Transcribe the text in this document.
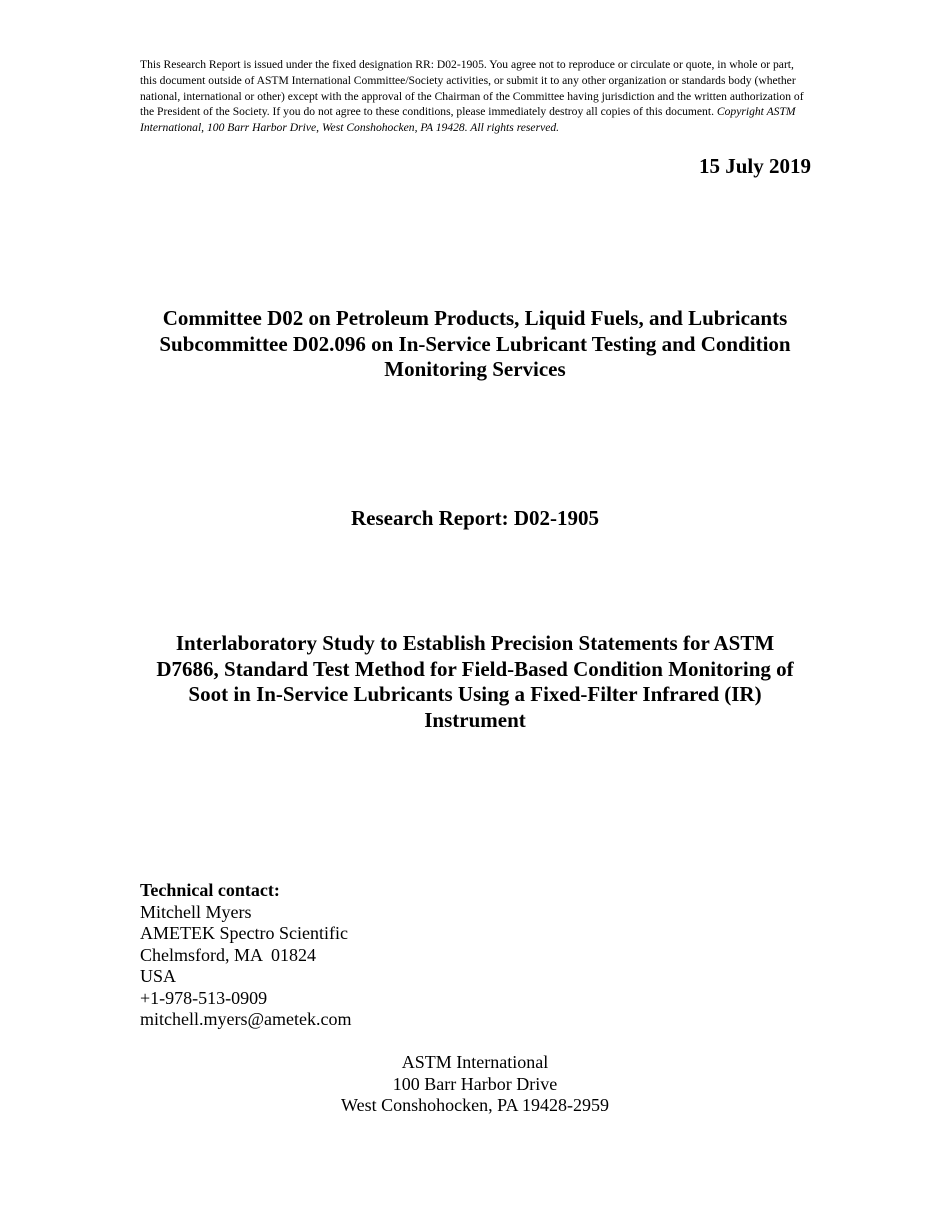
This Research Report is issued under the fixed designation RR: D02-1905. You agree not to reproduce or circulate or quote, in whole or part, this document outside of ASTM International Committee/Society activities, or submit it to any other organization or standards body (whether national, international or other) except with the approval of the Chairman of the Committee having jurisdiction and the written authorization of the President of the Society. If you do not agree to these conditions, please immediately destroy all copies of this document. Copyright ASTM International, 100 Barr Harbor Drive, West Conshohocken, PA 19428. All rights reserved.
15 July 2019
Committee D02 on Petroleum Products, Liquid Fuels, and Lubricants
Subcommittee D02.096 on In-Service Lubricant Testing and Condition
Monitoring Services
Research Report: D02-1905
Interlaboratory Study to Establish Precision Statements for ASTM
D7686, Standard Test Method for Field-Based Condition Monitoring of
Soot in In-Service Lubricants Using a Fixed-Filter Infrared (IR)
Instrument
Technical contact:
Mitchell Myers
AMETEK Spectro Scientific
Chelmsford, MA  01824
USA
+1-978-513-0909
mitchell.myers@ametek.com
ASTM International
100 Barr Harbor Drive
West Conshohocken, PA 19428-2959
